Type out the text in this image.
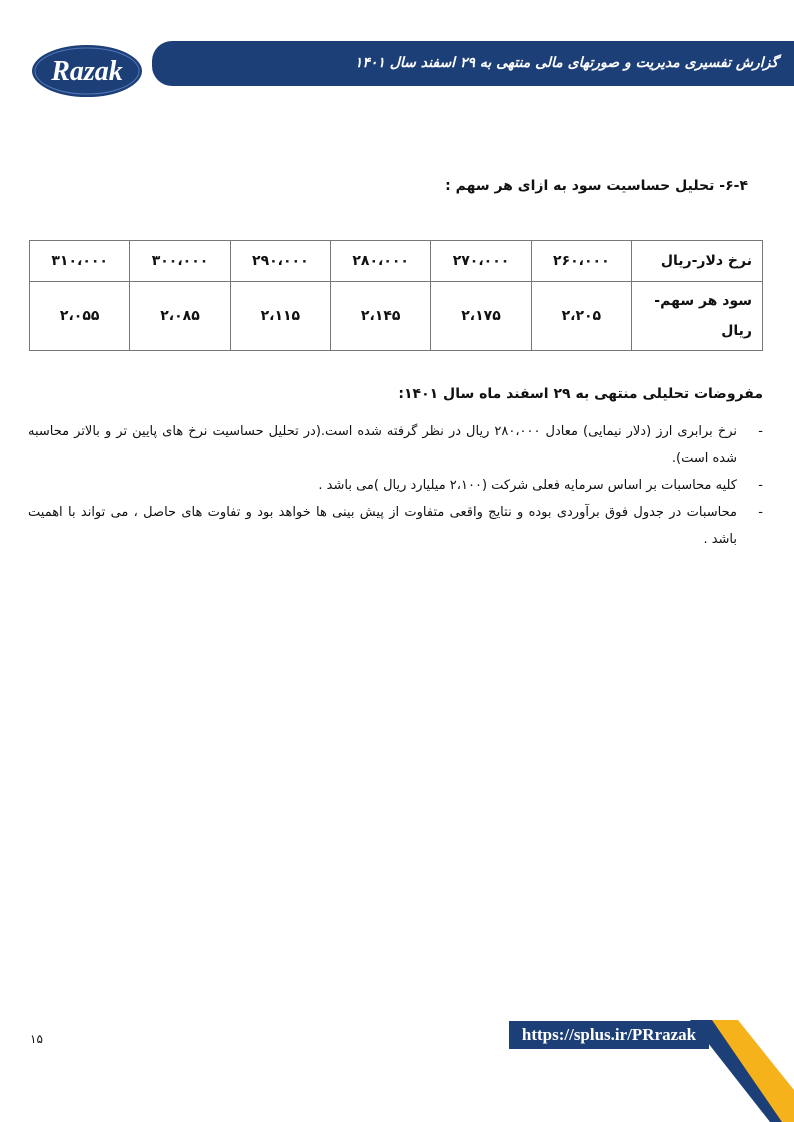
گزارش تفسیری مدیریت و صورتهای مالی منتهی به ۲۹ اسفند سال ۱۴۰۱
Razak
۶-۴- تحلیل حساسیت سود به ازای هر سهم :
نرخ دلار-ریال	۲۶۰،۰۰۰	۲۷۰،۰۰۰	۲۸۰،۰۰۰	۲۹۰،۰۰۰	۳۰۰،۰۰۰	۳۱۰،۰۰۰
سود هر سهم- ریال	۲،۲۰۵	۲،۱۷۵	۲،۱۴۵	۲،۱۱۵	۲،۰۸۵	۲،۰۵۵
مفروضات تحلیلی منتهی به ۲۹ اسفند ماه سال ۱۴۰۱:
-
نرخ برابری ارز (دلار نیمایی) معادل ۲۸۰،۰۰۰ ریال در نظر گرفته شده است.(در تحلیل حساسیت نرخ های پایین تر و بالاتر محاسبه شده است).
-
کلیه محاسبات بر اساس سرمایه فعلی شرکت (۲،۱۰۰ میلیارد ریال )می باشد .
-
محاسبات در جدول فوق برآوردی بوده و نتایج واقعی متفاوت از پیش بینی ها خواهد بود و تفاوت های حاصل ، می تواند با اهمیت باشد .
۱۵	https://splus.ir/PRrazak
